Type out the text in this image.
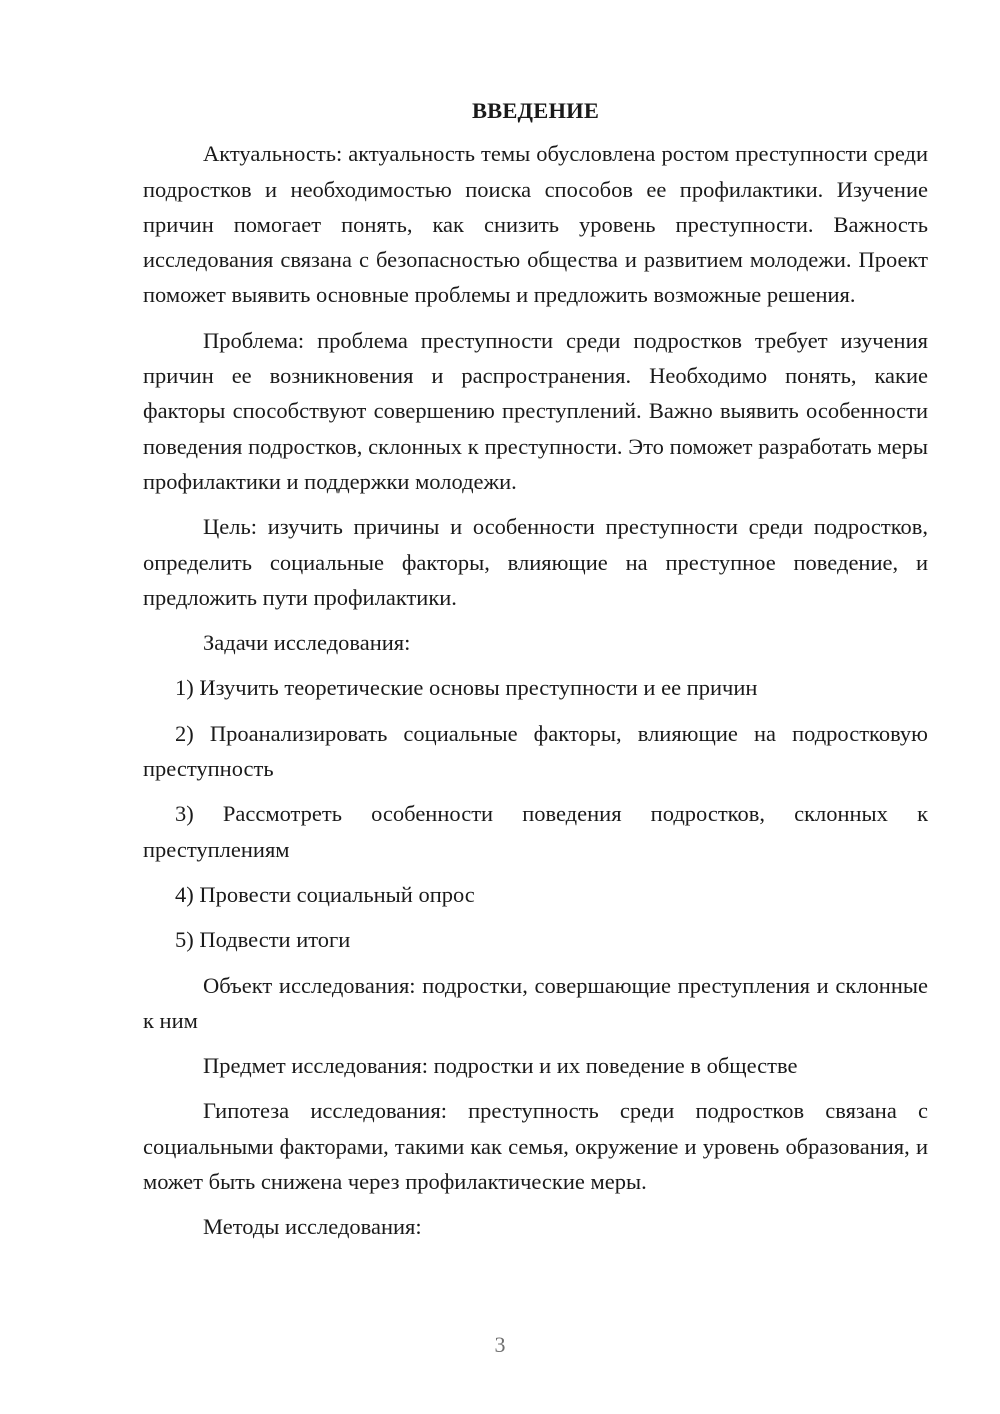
ВВЕДЕНИЕ

Актуальность: актуальность темы обусловлена ростом преступности среди подростков и необходимостью поиска способов ее профилактики. Изучение причин помогает понять, как снизить уровень преступности. Важность исследования связана с безопасностью общества и развитием молодежи. Проект поможет выявить основные проблемы и предложить возможные решения.

Проблема: проблема преступности среди подростков требует изучения причин ее возникновения и распространения. Необходимо понять, какие факторы способствуют совершению преступлений. Важно выявить особенности поведения подростков, склонных к преступности. Это поможет разработать меры профилактики и поддержки молодежи.

Цель: изучить причины и особенности преступности среди подростков, определить социальные факторы, влияющие на преступное поведение, и предложить пути профилактики.

Задачи исследования:

1) Изучить теоретические основы преступности и ее причин

2) Проанализировать социальные факторы, влияющие на подростковую преступность

3) Рассмотреть особенности поведения подростков, склонных к преступлениям

4) Провести социальный опрос

5) Подвести итоги

Объект исследования: подростки, совершающие преступления и склонные к ним

Предмет исследования: подростки и их поведение в обществе

Гипотеза исследования: преступность среди подростков связана с социальными факторами, такими как семья, окружение и уровень образования, и может быть снижена через профилактические меры.

Методы исследования:

3
